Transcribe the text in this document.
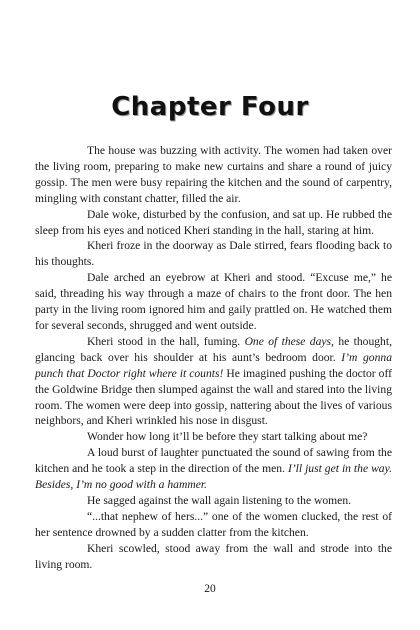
Chapter Four

The house was buzzing with activity. The women had taken over the living room, preparing to make new curtains and share a round of juicy gossip. The men were busy repairing the kitchen and the sound of carpentry, mingling with constant chatter, filled the air.

Dale woke, disturbed by the confusion, and sat up. He rubbed the sleep from his eyes and noticed Kheri standing in the hall, staring at him.

Kheri froze in the doorway as Dale stirred, fears flooding back to his thoughts.

Dale arched an eyebrow at Kheri and stood. “Excuse me,” he said, threading his way through a maze of chairs to the front door. The hen party in the living room ignored him and gaily prattled on. He watched them for several seconds, shrugged and went outside.

Kheri stood in the hall, fuming. One of these days, he thought, glancing back over his shoulder at his aunt’s bedroom door. I’m gonna punch that Doctor right where it counts! He imagined pushing the doctor off the Goldwine Bridge then slumped against the wall and stared into the living room. The women were deep into gossip, nattering about the lives of various neighbors, and Kheri wrinkled his nose in disgust.

Wonder how long it’ll be before they start talking about me?

A loud burst of laughter punctuated the sound of sawing from the kitchen and he took a step in the direction of the men. I’ll just get in the way. Besides, I’m no good with a hammer.

He sagged against the wall again listening to the women.

“...that nephew of hers...” one of the women clucked, the rest of her sentence drowned by a sudden clatter from the kitchen.

Kheri scowled, stood away from the wall and strode into the living room.

20
